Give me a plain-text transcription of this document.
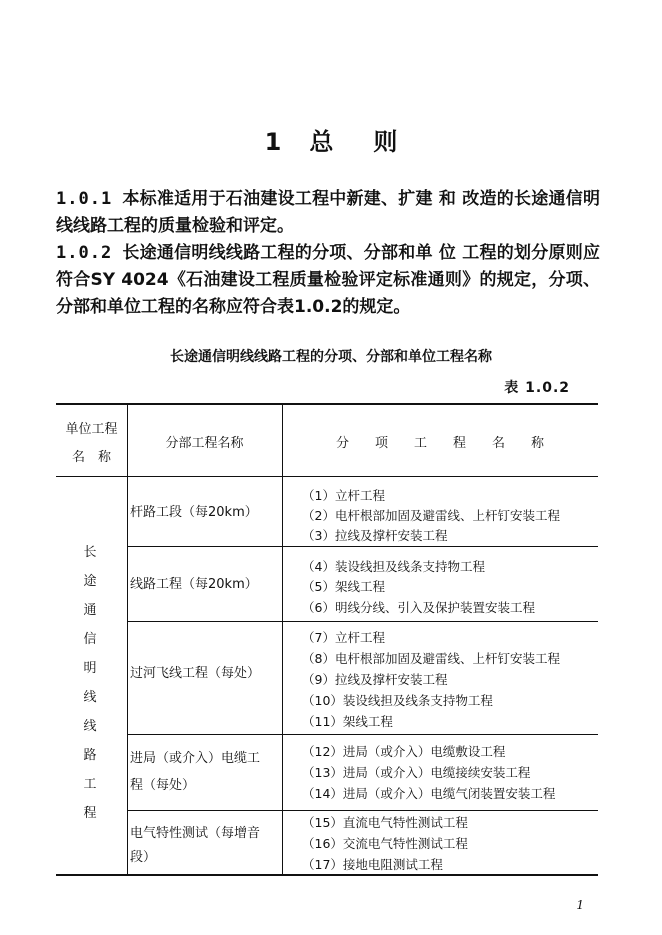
1 总 则
1.0.1 本标准适用于石油建设工程中新建、扩建 和 改造的长途通信明线线路工程的质量检验和评定。
1.0.2 长途通信明线线路工程的分项、分部和单 位 工程的划分原则应符合SY 4024《石油建设工程质量检验评定标准通则》的规定，分项、分部和单位工程的名称应符合表1.0.2的规定。
长途通信明线线路工程的分项、分部和单位工程名称
表 1.0.2
单位工程
名　称
分部工程名称	分　　项　　工　　程　　名　　称
长
途
通
信
明
线
线
路
工
程
杆路工段（每20km）
（1）立杆工程
（2）电杆根部加固及避雷线、上杆钉安装工程
（3）拉线及撑杆安装工程
线路工程（每20km）
（4）装设线担及线条支持物工程
（5）架线工程
（6）明线分线、引入及保护装置安装工程
过河飞线工程（每处）
（7）立杆工程
（8）电杆根部加固及避雷线、上杆钉安装工程
（9）拉线及撑杆安装工程
（10）装设线担及线条支持物工程
（11）架线工程
进局（或介入）电缆工
程（每处）
（12）进局（或介入）电缆敷设工程
（13）进局（或介入）电缆接续安装工程
（14）进局（或介入）电缆气闭装置安装工程
电气特性测试（每增音
段）
（15）直流电气特性测试工程
（16）交流电气特性测试工程
（17）接地电阻测试工程
1
